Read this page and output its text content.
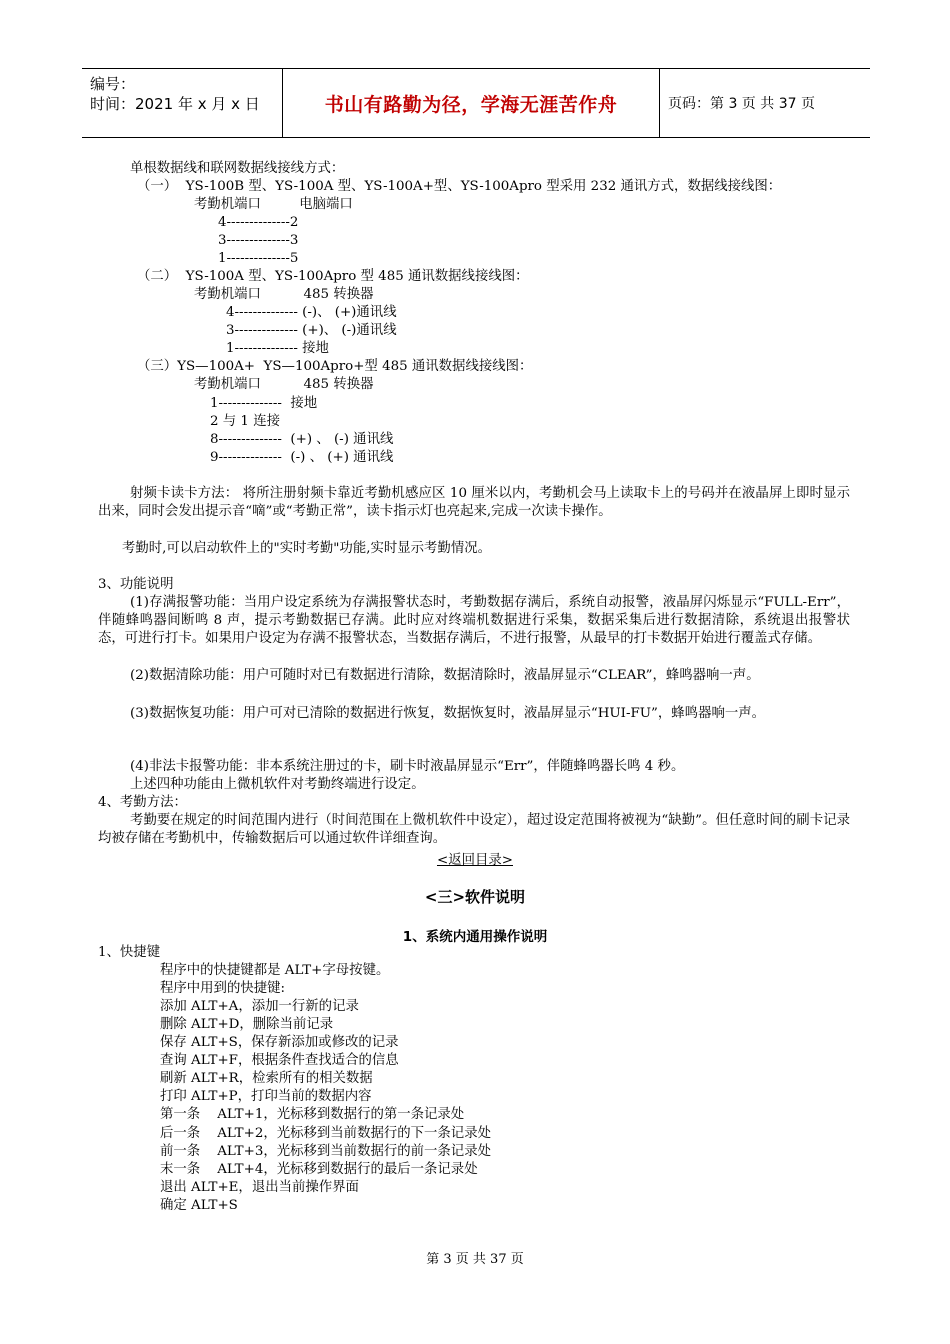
编号：
时间：2021 年 x 月 x 日	书山有路勤为径，学海无涯苦作舟	页码：第 3 页 共 37 页
单根数据线和联网数据线接线方式：
（一）  YS-100B 型、YS-100A 型、YS-100A+型、YS-100Apro 型采用 232 通讯方式，数据线接线图：
考勤机端口         电脑端口
4--------------2
3--------------3
1--------------5
（二）  YS-100A 型、YS-100Apro 型 485 通讯数据线接线图：
考勤机端口          485 转换器
4-------------- (-)、 (+)通讯线
3-------------- (+)、 (-)通讯线
1-------------- 接地
（三）YS—100A+  YS—100Apro+型 485 通讯数据线接线图：
考勤机端口          485 转换器
1--------------  接地
2 与 1 连接
8--------------  (+) 、 (-) 通讯线
9--------------  (-) 、 (+) 通讯线
射频卡读卡方法： 将所注册射频卡靠近考勤机感应区 10 厘米以内，考勤机会马上读取卡上的号码并在液晶屏上即时显示出来，同时会发出提示音“嘀”或“考勤正常”，读卡指示灯也亮起来,完成一次读卡操作。
考勤时,可以启动软件上的"实时考勤"功能,实时显示考勤情况。
3、功能说明
(1)存满报警功能：当用户设定系统为存满报警状态时，考勤数据存满后，系统自动报警，液晶屏闪烁显示“FULL-Err”，伴随蜂鸣器间断鸣 8 声，提示考勤数据已存满。此时应对终端机数据进行采集，数据采集后进行数据清除，系统退出报警状态，可进行打卡。如果用户设定为存满不报警状态，当数据存满后，不进行报警，从最早的打卡数据开始进行覆盖式存储。
(2)数据清除功能：用户可随时对已有数据进行清除，数据清除时，液晶屏显示“CLEAR”，蜂鸣器响一声。
(3)数据恢复功能：用户可对已清除的数据进行恢复，数据恢复时，液晶屏显示“HUI-FU”，蜂鸣器响一声。
(4)非法卡报警功能：非本系统注册过的卡，刷卡时液晶屏显示“Err”，伴随蜂鸣器长鸣 4 秒。
上述四种功能由上微机软件对考勤终端进行设定。
4、考勤方法：
考勤要在规定的时间范围内进行（时间范围在上微机软件中设定），超过设定范围将被视为“缺勤”。但任意时间的刷卡记录均被存储在考勤机中，传输数据后可以通过软件详细查询。
<返回目录>
<三>软件说明
1、系统内通用操作说明
1、快捷键
程序中的快捷键都是 ALT+字母按键。
程序中用到的快捷键:
添加 ALT+A，添加一行新的记录
删除 ALT+D，删除当前记录
保存 ALT+S，保存新添加或修改的记录
查询 ALT+F，根据条件查找适合的信息
刷新 ALT+R，检索所有的相关数据
打印 ALT+P，打印当前的数据内容
第一条    ALT+1，光标移到数据行的第一条记录处
后一条    ALT+2，光标移到当前数据行的下一条记录处
前一条    ALT+3，光标移到当前数据行的前一条记录处
末一条    ALT+4，光标移到数据行的最后一条记录处
退出 ALT+E，退出当前操作界面
确定 ALT+S
第 3 页 共 37 页
